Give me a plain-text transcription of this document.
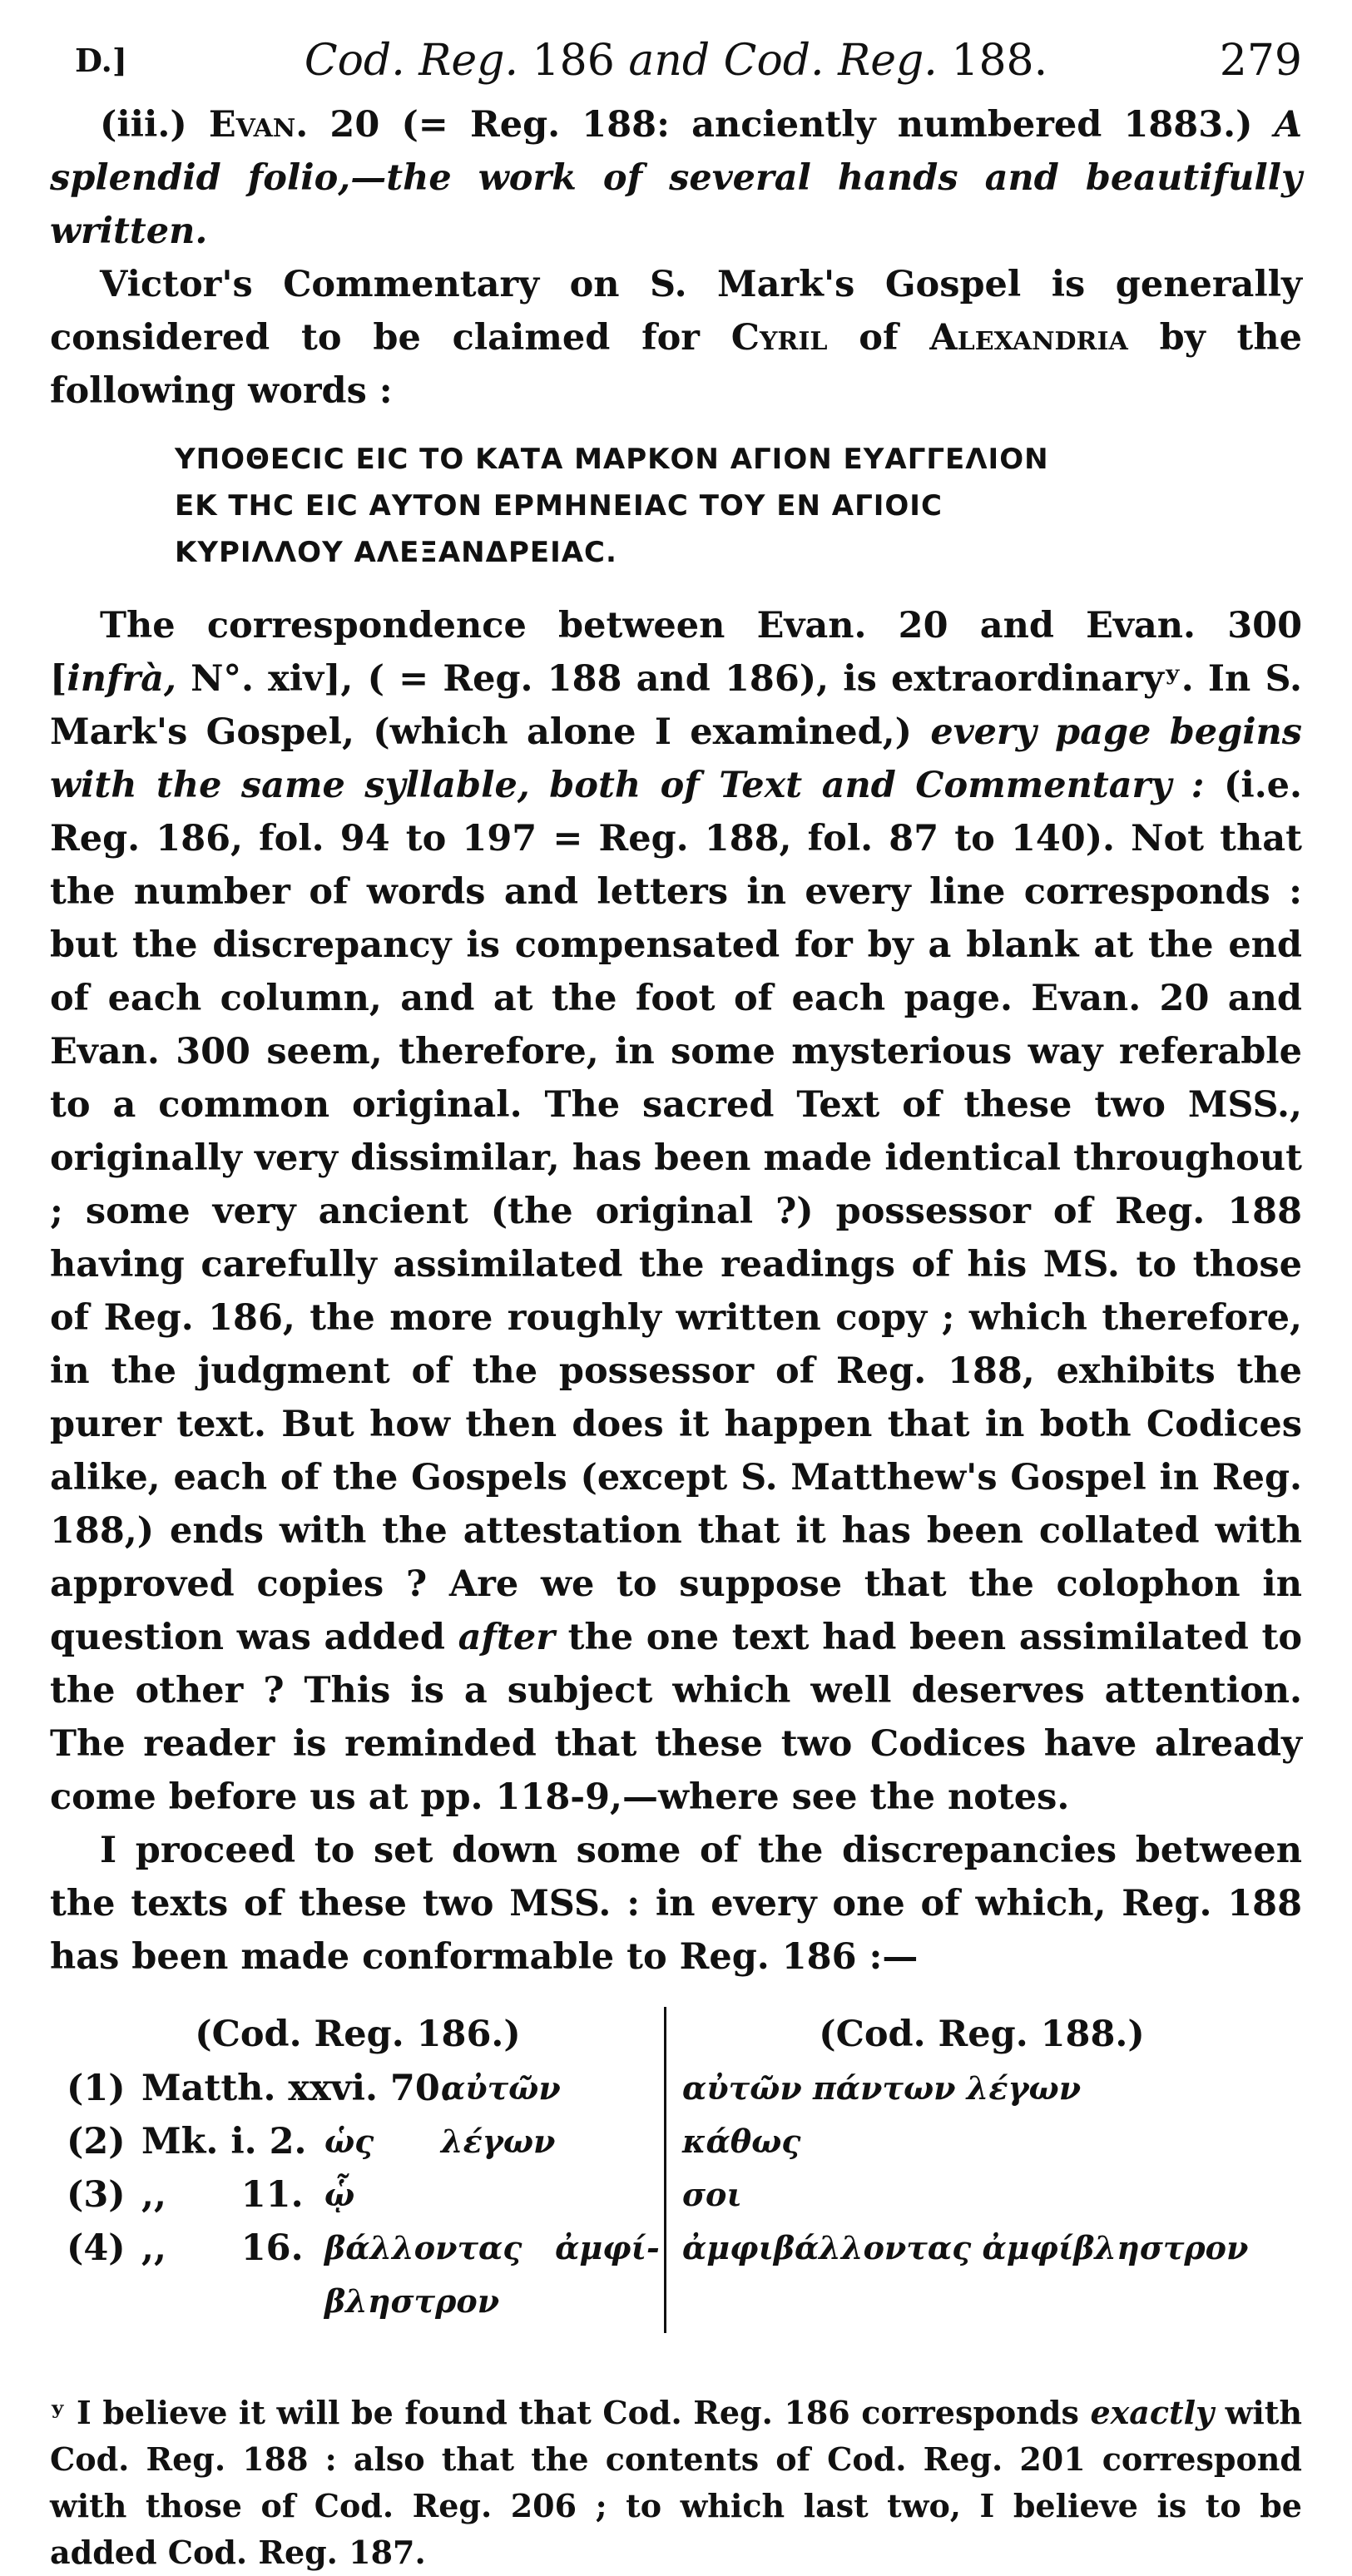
D.]	Cod. Reg. 186 and Cod. Reg. 188.	279

(iii.) Evan. 20 (= Reg. 188: anciently numbered 1883.) A splendid folio,—the work of several hands and beautifully written.

Victor's Commentary on S. Mark's Gospel is generally considered to be claimed for Cyril of Alexandria by the following words :

ΥΠΟΘΕCIC ΕΙC ΤΟ ΚΑΤΑ ΜΑΡΚΟΝ ΑΓΙΟΝ ΕΥΑΓΓΕΛΙΟΝ
ΕΚ ΤΗC ΕΙC ΑΥΤΟΝ ΕΡΜΗΝΕΙΑC ΤΟΥ ΕΝ ΑΓΙΟΙC
ΚΥΡΙΛΛΟΥ ΑΛΕΞΑΝΔΡΕΙΑC.

The correspondence between Evan. 20 and Evan. 300 [infrà, N°. xiv], ( = Reg. 188 and 186), is extraordinaryʸ. In S. Mark's Gospel, (which alone I examined,) every page begins with the same syllable, both of Text and Commentary : (i.e. Reg. 186, fol. 94 to 197 = Reg. 188, fol. 87 to 140). Not that the number of words and letters in every line corresponds : but the discrepancy is compensated for by a blank at the end of each column, and at the foot of each page. Evan. 20 and Evan. 300 seem, therefore, in some mysterious way referable to a common original. The sacred Text of these two MSS., originally very dissimilar, has been made identical throughout ; some very ancient (the original ?) possessor of Reg. 188 having carefully assimilated the readings of his MS. to those of Reg. 186, the more roughly written copy ; which therefore, in the judgment of the possessor of Reg. 188, exhibits the purer text. But how then does it happen that in both Codices alike, each of the Gospels (except S. Matthew's Gospel in Reg. 188,) ends with the attestation that it has been collated with approved copies ? Are we to suppose that the colophon in question was added after the one text had been assimilated to the other ? This is a subject which well deserves attention. The reader is reminded that these two Codices have already come before us at pp. 118-9,—where see the notes.

I proceed to set down some of the discrepancies between the texts of these two MSS. : in every one of which, Reg. 188 has been made conformable to Reg. 186 :—

(Cod. Reg. 186.)
(1) Matth. xxvi. 70.
αὐτῶν λέγων
(2) Mk. i. 2. ὡς
(3) ,,      11. ᾧ
(4) ,,      16. βάλλοντας   ἀμφί-
βληστρον
(Cod. Reg. 188.)
αὐτῶν πάντων λέγων
κάθως
σοι
ἀμφιβάλλοντας ἀμφίβληστρον

ʸ I believe it will be found that Cod. Reg. 186 corresponds exactly with Cod. Reg. 188 : also that the contents of Cod. Reg. 201 correspond with those of Cod. Reg. 206 ; to which last two, I believe is to be added Cod. Reg. 187.
